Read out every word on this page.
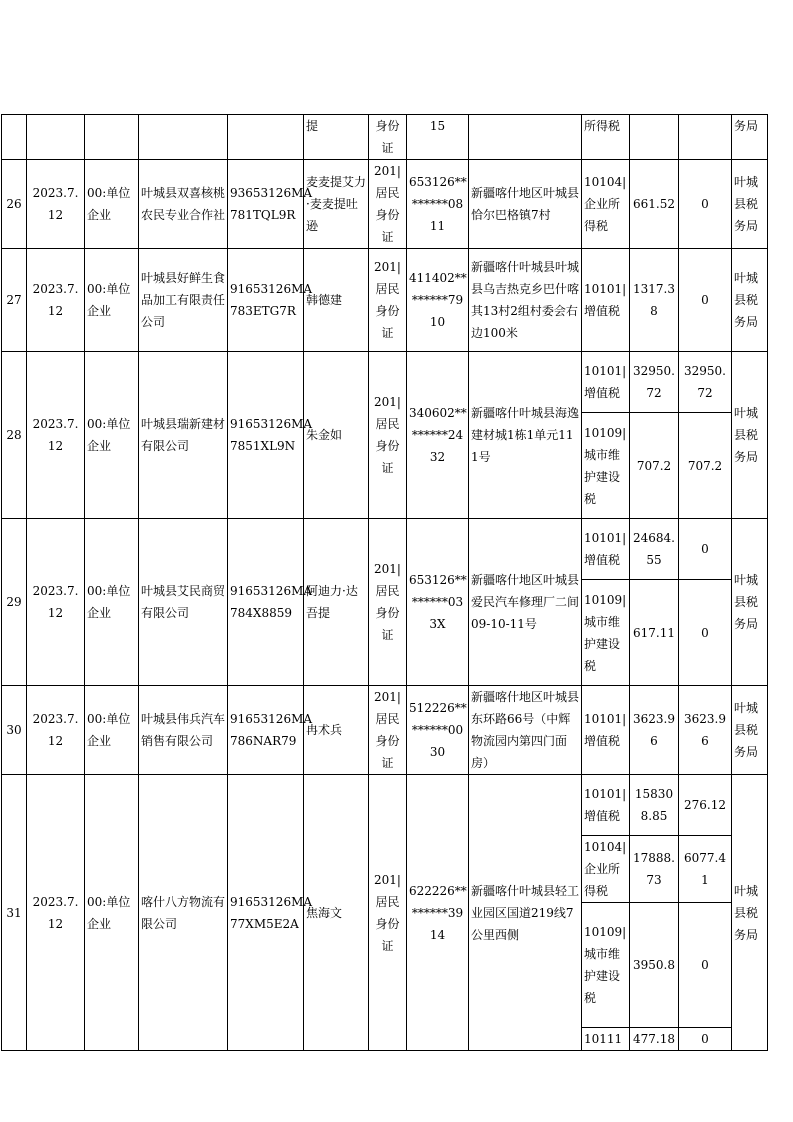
					提	身份证	15		所得税			务局
26	2023.7.
12	00:单位企业	叶城县双喜核桃农民专业合作社	93653126MA
781TQL9R	麦麦提艾力·麦麦提吐逊	201|居民身份证	653126**
******08
11	新疆喀什地区叶城县恰尔巴格镇7村	10104|企业所得税	661.52	0	叶城县税务局
27	2023.7.
12	00:单位企业	叶城县好鲜生食品加工有限责任公司	91653126MA
783ETG7R	韩德建	201|居民身份证	411402**
******79
10	新疆喀什叶城县叶城县乌吉热克乡巴什喀其13村2组村委会右边100米	10101|增值税	1317.38	0	叶城县税务局
28	2023.7.
12	00:单位企业	叶城县瑞新建材有限公司	91653126MA
7851XL9N	朱金如	201|居民身份证	340602**
******24
32	新疆喀什叶城县海逸建材城1栋1单元111号	10101|增值税	32950.72	32950.72	叶城县税务局
									10109|城市维护建设税	707.2	707.2	
29	2023.7.
12	00:单位企业	叶城县艾民商贸有限公司	91653126MA
784X8859	阿迪力·达吾提	201|居民身份证	653126**
******03
3X	新疆喀什地区叶城县爱民汽车修理厂二间09-10-11号	10101|增值税	24684.55	0	叶城县税务局
									10109|城市维护建设税	617.11	0	
30	2023.7.
12	00:单位企业	叶城县伟兵汽车销售有限公司	91653126MA
786NAR79	冉术兵	201|居民身份证	512226**
******00
30	新疆喀什地区叶城县东环路66号（中辉物流园内第四门面房）	10101|增值税	3623.96	3623.96	叶城县税务局
31	2023.7.
12	00:单位企业	喀什八方物流有限公司	91653126MA
77XM5E2A	焦海文	201|居民身份证	622226**
******39
14	新疆喀什叶城县轻工业园区国道219线7公里西侧	10101|增值税	158308.85	276.12	叶城县税务局
									10104|企业所得税	17888.73	6077.41	
									10109|城市维护建设税	3950.8	0	
									10111	477.18	0	
